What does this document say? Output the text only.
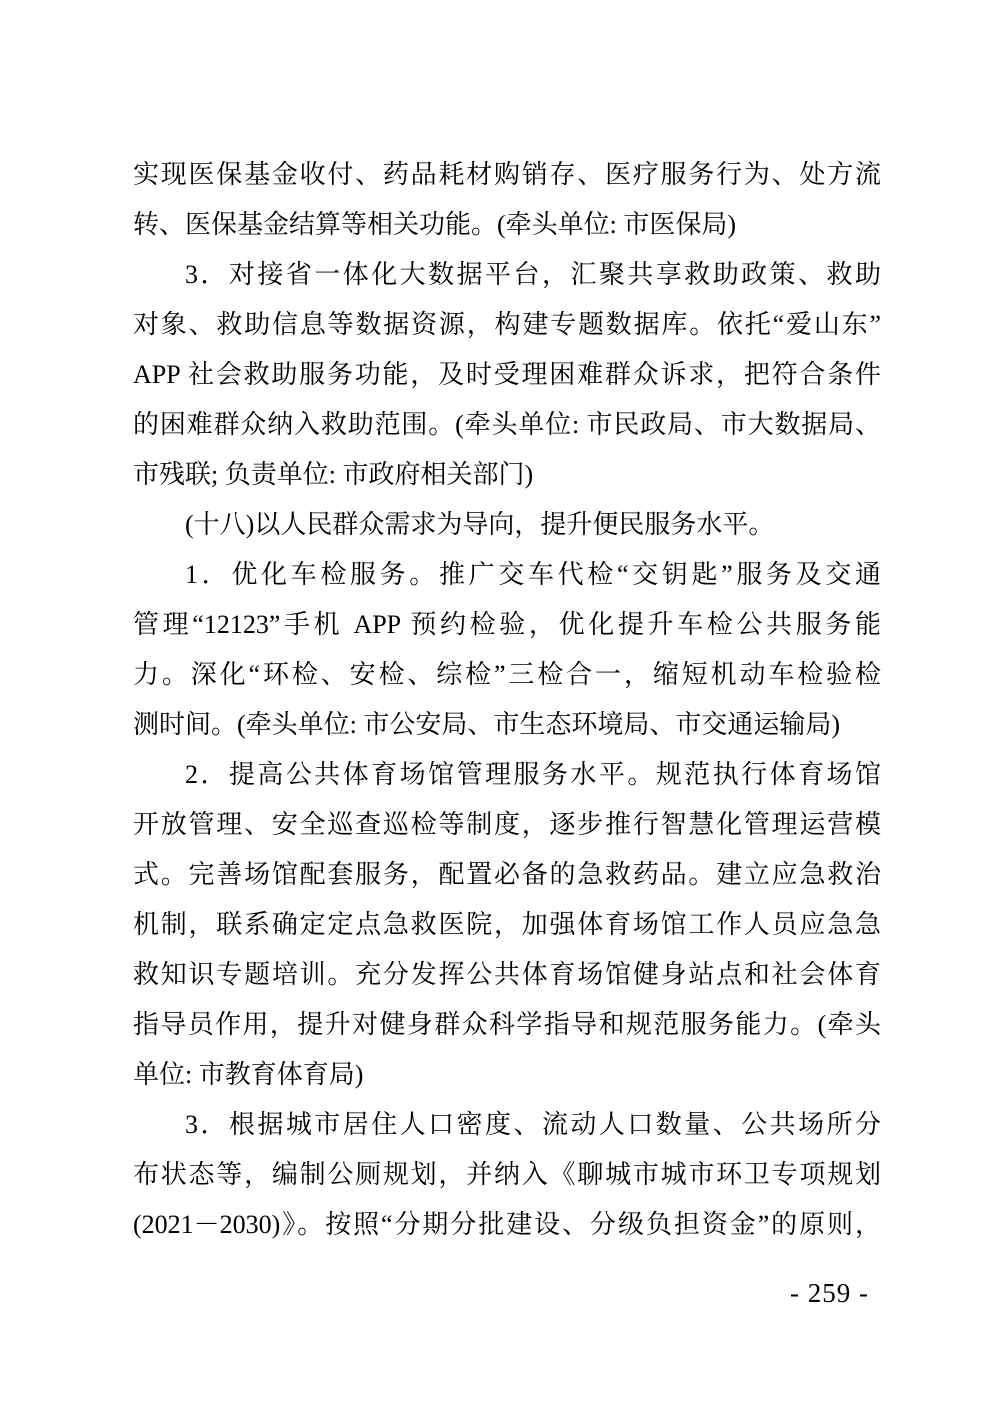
实现医保基金收付、药品耗材购销存、医疗服务行为、处方流
转、医保基金结算等相关功能。(牵头单位: 市医保局)
3．对接省一体化大数据平台，汇聚共享救助政策、救助
对象、救助信息等数据资源，构建专题数据库。依托“爱山东”
APP 社会救助服务功能，及时受理困难群众诉求，把符合条件
的困难群众纳入救助范围。(牵头单位: 市民政局、市大数据局、
市残联; 负责单位: 市政府相关部门)
(十八)以人民群众需求为导向，提升便民服务水平。
1．优化车检服务。推广交车代检“交钥匙”服务及交通
管理“12123”手机 APP 预约检验，优化提升车检公共服务能
力。深化“环检、安检、综检”三检合一，缩短机动车检验检
测时间。(牵头单位: 市公安局、市生态环境局、市交通运输局)
2．提高公共体育场馆管理服务水平。规范执行体育场馆
开放管理、安全巡查巡检等制度，逐步推行智慧化管理运营模
式。完善场馆配套服务，配置必备的急救药品。建立应急救治
机制，联系确定定点急救医院，加强体育场馆工作人员应急急
救知识专题培训。充分发挥公共体育场馆健身站点和社会体育
指导员作用，提升对健身群众科学指导和规范服务能力。(牵头
单位: 市教育体育局)
3．根据城市居住人口密度、流动人口数量、公共场所分
布状态等，编制公厕规划，并纳入《聊城市城市环卫专项规划
(2021－2030)》。按照“分期分批建设、分级负担资金”的原则，
- 259 -
